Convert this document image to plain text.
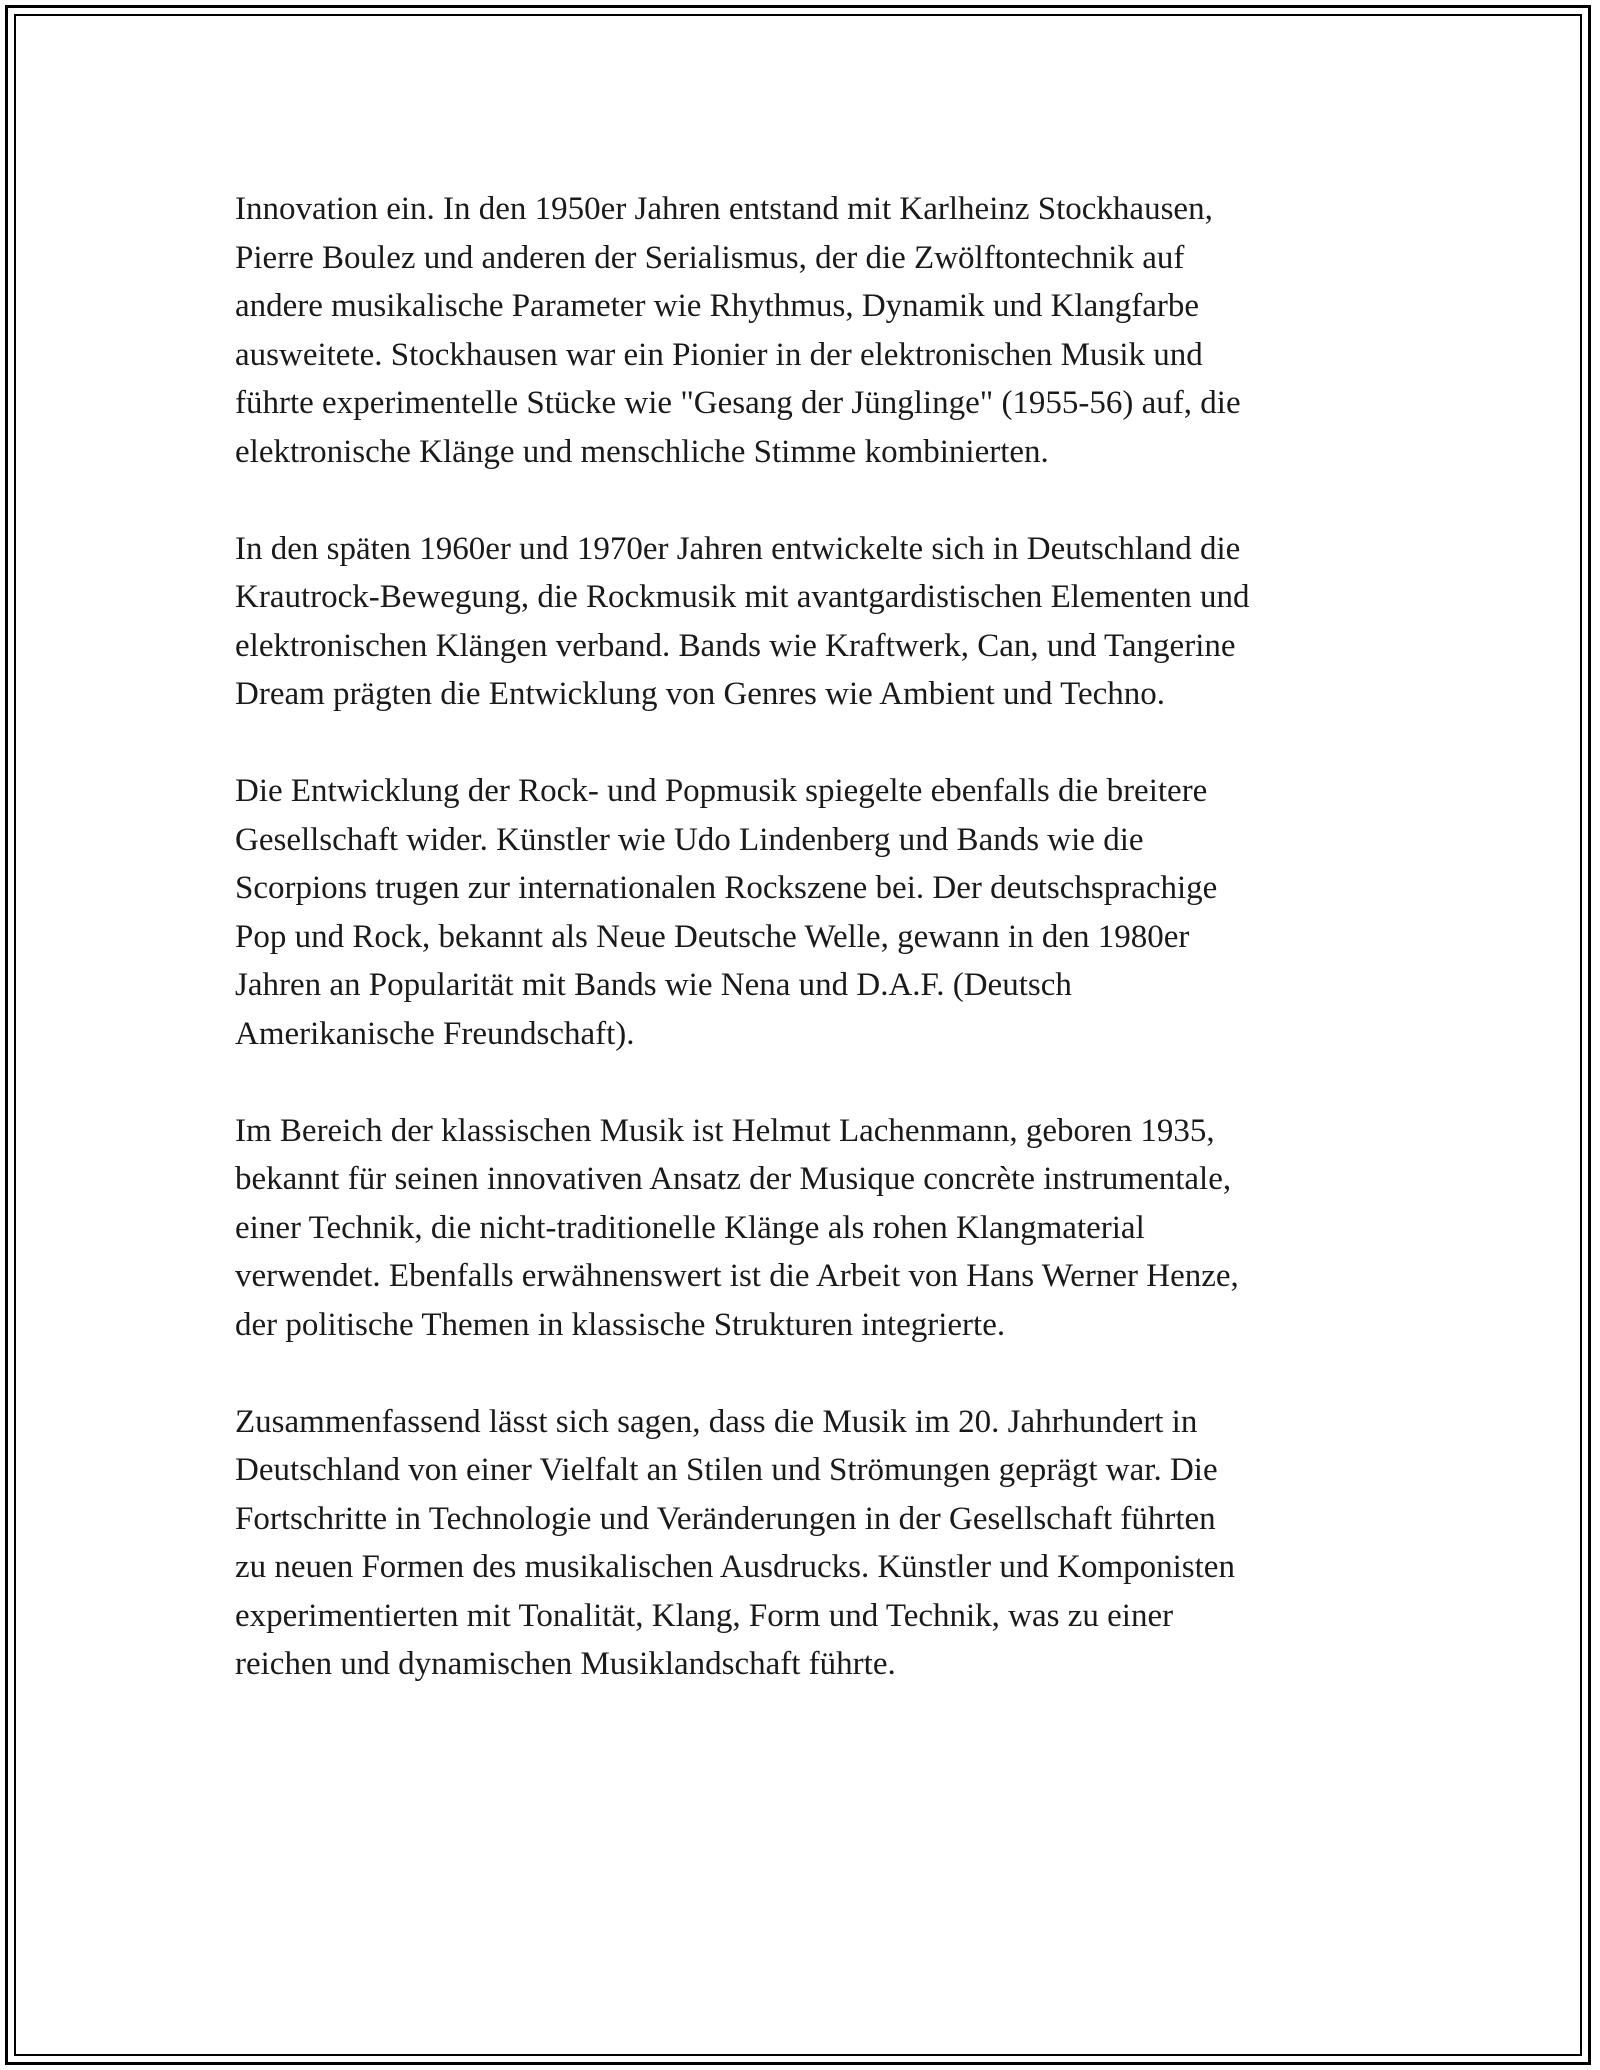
Innovation ein. In den 1950er Jahren entstand mit Karlheinz Stockhausen,
Pierre Boulez und anderen der Serialismus, der die Zwölftontechnik auf
andere musikalische Parameter wie Rhythmus, Dynamik und Klangfarbe
ausweitete. Stockhausen war ein Pionier in der elektronischen Musik und
führte experimentelle Stücke wie "Gesang der Jünglinge" (1955-56) auf, die
elektronische Klänge und menschliche Stimme kombinierten.

In den späten 1960er und 1970er Jahren entwickelte sich in Deutschland die
Krautrock-Bewegung, die Rockmusik mit avantgardistischen Elementen und
elektronischen Klängen verband. Bands wie Kraftwerk, Can, und Tangerine
Dream prägten die Entwicklung von Genres wie Ambient und Techno.

Die Entwicklung der Rock- und Popmusik spiegelte ebenfalls die breitere
Gesellschaft wider. Künstler wie Udo Lindenberg und Bands wie die
Scorpions trugen zur internationalen Rockszene bei. Der deutschsprachige
Pop und Rock, bekannt als Neue Deutsche Welle, gewann in den 1980er
Jahren an Popularität mit Bands wie Nena und D.A.F. (Deutsch
Amerikanische Freundschaft).

Im Bereich der klassischen Musik ist Helmut Lachenmann, geboren 1935,
bekannt für seinen innovativen Ansatz der Musique concrète instrumentale,
einer Technik, die nicht-traditionelle Klänge als rohen Klangmaterial
verwendet. Ebenfalls erwähnenswert ist die Arbeit von Hans Werner Henze,
der politische Themen in klassische Strukturen integrierte.

Zusammenfassend lässt sich sagen, dass die Musik im 20. Jahrhundert in
Deutschland von einer Vielfalt an Stilen und Strömungen geprägt war. Die
Fortschritte in Technologie und Veränderungen in der Gesellschaft führten
zu neuen Formen des musikalischen Ausdrucks. Künstler und Komponisten
experimentierten mit Tonalität, Klang, Form und Technik, was zu einer
reichen und dynamischen Musiklandschaft führte.
